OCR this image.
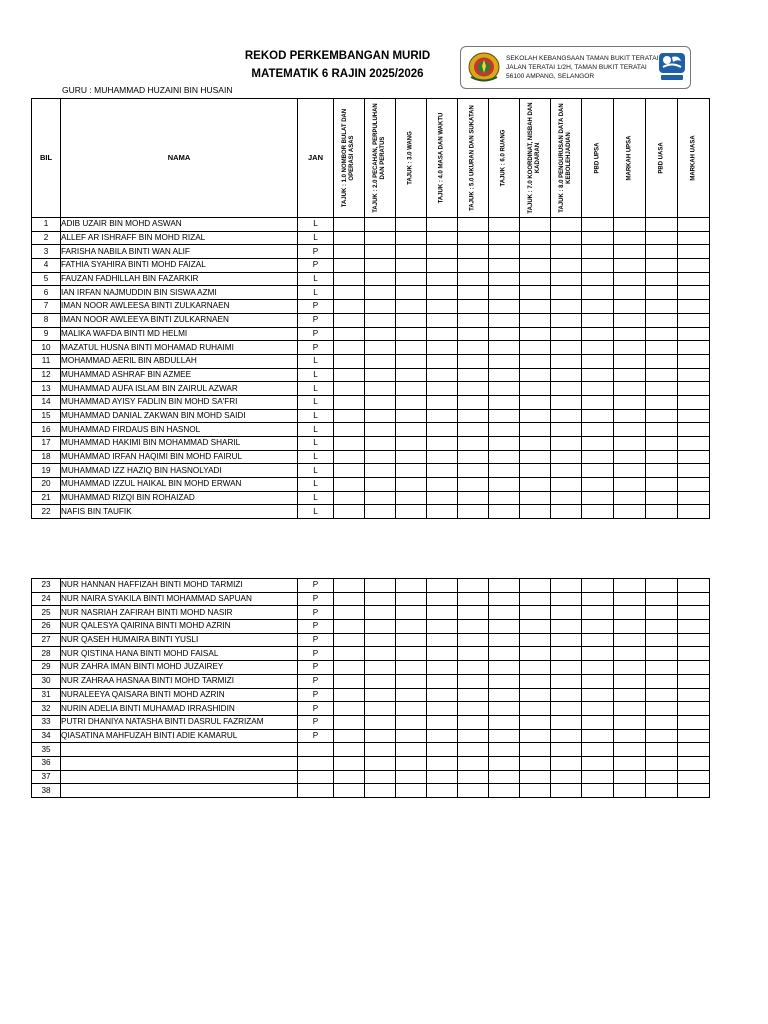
REKOD PERKEMBANGAN MURID
MATEMATIK 6 RAJIN 2025/2026
GURU : MUHAMMAD HUZAINI BIN HUSAIN
SEKOLAH KEBANGSAAN TAMAN BUKIT TERATAI
JALAN TERATAI 1/2H, TAMAN BUKIT TERATAI
56100 AMPANG, SELANGOR
BIL	NAMA	JAN	TAJUK : 1.0 NOMBOR BULAT DAN OPERASI ASAS	TAJUK : 2.0 PECAHAN, PERPULUHAN DAN PERATUS	TAJUK : 3.0 WANG	TAJUK : 4.0 MASA DAN WAKTU	TAJUK : 5.0 UKURAN DAN SUKATAN	TAJUK : 6.0 RUANG	TAJUK : 7.0 KOORDINAT, NISBAH DAN KADARAN	TAJUK : 8.0 PENGURUSAN DATA DAN KEBOLEHJADIAN	PBD UPSA	MARKAH UPSA	PBD UASA	MARKAH UASA

1	ADIB UZAIR BIN MOHD ASWAN	L												
2	ALLEF AR ISHRAFF BIN MOHD RIZAL	L												
3	FARISHA NABILA BINTI WAN ALIF	P												
4	FATHIA SYAHIRA BINTI MOHD FAIZAL	P												
5	FAUZAN FADHILLAH BIN FAZARKIR	L												
6	IAN IRFAN NAJMUDDIN BIN SISWA AZMI	L												
7	IMAN NOOR AWLEESA BINTI ZULKARNAEN	P												
8	IMAN NOOR AWLEEYA BINTI ZULKARNAEN	P												
9	MALIKA WAFDA BINTI MD HELMI	P												
10	MAZATUL HUSNA BINTI MOHAMAD RUHAIMI	P												
11	MOHAMMAD AERIL BIN ABDULLAH	L												
12	MUHAMMAD ASHRAF BIN AZMEE	L												
13	MUHAMMAD AUFA ISLAM BIN ZAIRUL AZWAR	L												
14	MUHAMMAD AYISY FADLIN BIN MOHD SA'FRI	L												
15	MUHAMMAD DANIAL ZAKWAN BIN MOHD SAIDI	L												
16	MUHAMMAD FIRDAUS BIN HASNOL	L												
17	MUHAMMAD HAKIMI BIN MOHAMMAD SHARIL	L												
18	MUHAMMAD IRFAN HAQIMI BIN MOHD FAIRUL	L												
19	MUHAMMAD IZZ HAZIQ BIN HASNOLYADI	L												
20	MUHAMMAD IZZUL HAIKAL BIN MOHD ERWAN	L												
21	MUHAMMAD RIZQI BIN ROHAIZAD	L												
22	NAFIS BIN TAUFIK	L												
23	NUR HANNAN HAFFIZAH BINTI MOHD TARMIZI	P												
24	NUR NAIRA SYAKILA BINTI MOHAMMAD SAPUAN	P												
25	NUR NASRIAH ZAFIRAH BINTI MOHD NASIR	P												
26	NUR QALESYA QAIRINA BINTI MOHD AZRIN	P												
27	NUR QASEH HUMAIRA BINTI YUSLI	P												
28	NUR QISTINA HANA BINTI MOHD FAISAL	P												
29	NUR ZAHRA IMAN BINTI MOHD JUZAIREY	P												
30	NUR ZAHRAA HASNAA BINTI MOHD TARMIZI	P												
31	NURALEEYA QAISARA BINTI MOHD AZRIN	P												
32	NURIN ADELIA BINTI MUHAMAD IRRASHIDIN	P												
33	PUTRI DHANIYA NATASHA BINTI DASRUL FAZRIZAM	P												
34	QIASATINA MAHFUZAH BINTI ADIE KAMARUL	P												
35														
36														
37														
38														
